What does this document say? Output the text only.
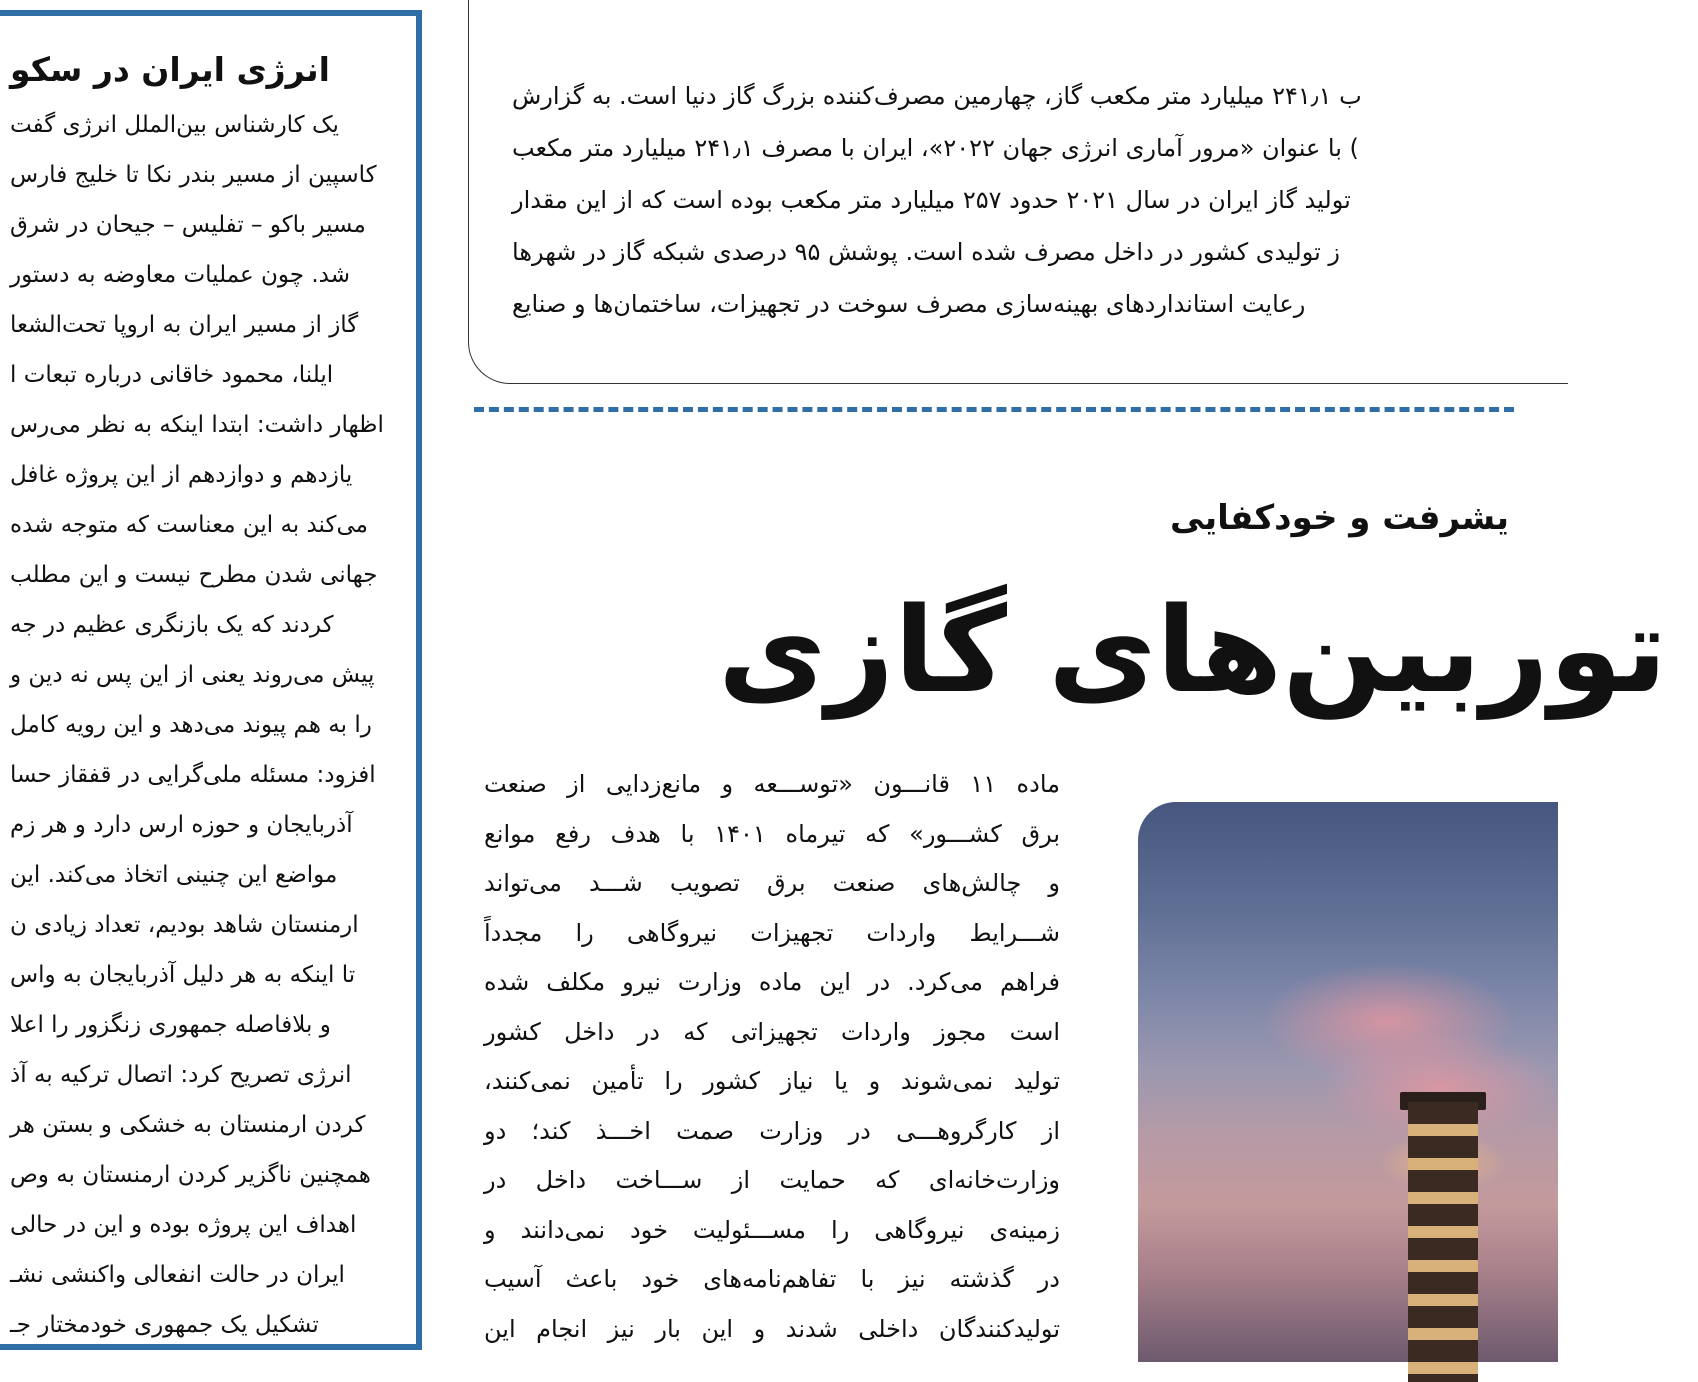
انرژی ایران در سکو
یک کارشناس بین‌الملل انرژی گفت
کاسپین از مسیر بندر نکا تا خلیج فارس
مسیر باکو – تفلیس – جیحان در شرق
شد. چون عملیات معاوضه به دستور
گاز از مسیر ایران به اروپا تحت‌الشعا
ایلنا، محمود خاقانی درباره تبعات ا
اظهار داشت: ابتدا اینکه به نظر می‌رس
یازدهم و دوازدهم از این پروژه غافل
می‌کند به این معناست که متوجه شده
جهانی شدن مطرح نیست و این مطلب
کردند که یک بازنگری عظیم در جه
پیش می‌روند یعنی از این پس نه دین و
را به هم پیوند می‌دهد و این رویه کامل
افزود: مسئله ملی‌گرایی در قفقاز حسا
آذربایجان و حوزه ارس دارد و هر زم
مواضع این چنینی اتخاذ می‌کند. این
ارمنستان شاهد بودیم، تعداد زیادی ن
تا اینکه به هر دلیل آذربایجان به واس
و بلافاصله جمهوری زنگزور را اعلا
انرژی تصریح کرد: اتصال ترکیه به آذ
کردن ارمنستان به خشکی و بستن هر
همچنین ناگزیر کردن ارمنستان به وص
اهداف این پروژه بوده و این در حالی
ایران در حالت انفعالی واکنشی نشـ
تشکیل یک جمهوری خودمختار جـ
ب ۲۴۱٫۱ میلیارد متر مکعب گاز، چهارمین مصرف‌کننده بزرگ گاز دنیا است. به گزارش
) با عنوان «مرور آماری انرژی جهان ۲۰۲۲»، ایران با مصرف ۲۴۱٫۱ میلیارد متر مکعب
تولید گاز ایران در سال ۲۰۲۱ حدود ۲۵۷ میلیارد متر مکعب بوده است که از این مقدار
ز تولیدی کشور در داخل مصرف شده است. پوشش ۹۵ درصدی شبکه گاز در شهرها
رعایت استانداردهای بهینه‌سازی مصرف سوخت در تجهیزات، ساختمان‌ها و صنایع
یشرفت و خودکفایی
توربین‌های گازی
ماده ۱۱ قانـــون «توســـعه و مانع‌زدایی از صنعت
برق کشـــور» که تیرماه ۱۴۰۱ با هدف رفع موانع
و چالش‌های صنعت برق تصویب شـــد می‌تواند
شـــرایط واردات تجهیزات نیروگاهی را مجدداً
فراهم می‌کرد. در این ماده وزارت نیرو مکلف شده
است مجوز واردات تجهیزاتی که در داخل کشور
تولید نمی‌شوند و یا نیاز کشور را تأمین نمی‌کنند،
از کارگروهـــی در وزارت صمت اخـــذ کند؛ دو
وزارت‌خانه‌ای که حمایت از ســـاخت داخل در
زمینه‌ی نیروگاهی را مســـئولیت خود نمی‌دانند و
در گذشته نیز با تفاهم‌نامه‌های خود باعث آسیب
تولیدکنندگان داخلی شدند و این بار نیز انجام این
